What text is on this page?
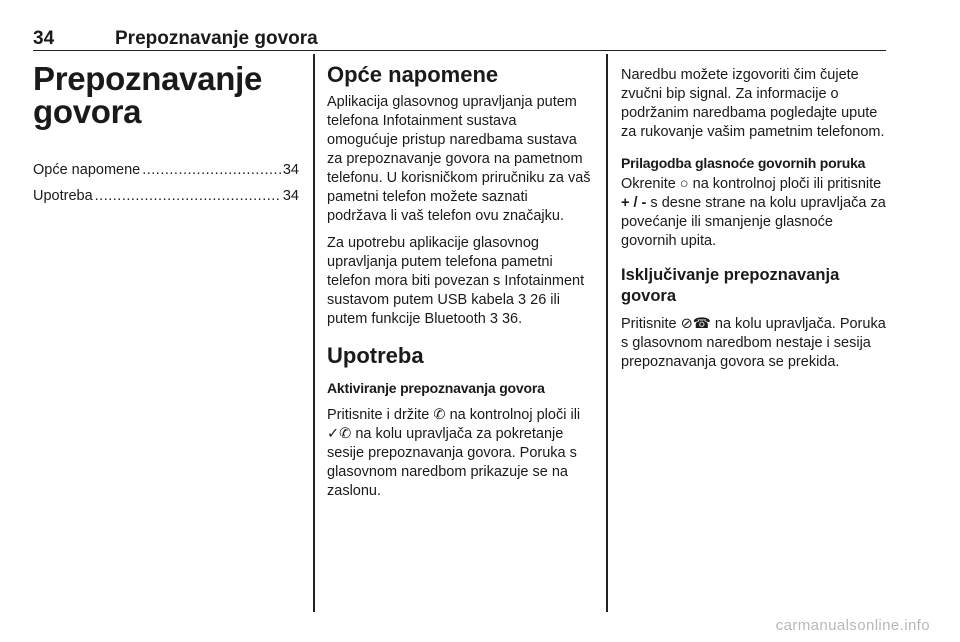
34	Prepoznavanje govora
Prepoznavanje
govora
Opće napomene .....	34
Upotreba .....	34
Opće napomene

Aplikacija glasovnog upravljanja putem telefona Infotainment sustava omogućuje pristup naredbama sustava za prepoznavanje govora na pametnom telefonu. U korisničkom priručniku za vaš pametni telefon možete saznati podržava li vaš telefon ovu značajku.

Za upotrebu aplikacije glasovnog upravljanja putem telefona pametni telefon mora biti povezan s Infotainment sustavom putem USB kabela 3 26 ili putem funkcije Bluetooth 3 36.

Upotreba
Aktiviranje prepoznavanja govora

Pritisnite i držite ✆ na kontrolnoj ploči ili ✓✆ na kolu upravljača za pokretanje sesije prepoznavanja govora. Poruka s glasovnom naredbom prikazuje se na zaslonu.

Naredbu možete izgovoriti čim čujete zvučni bip signal. Za informacije o podržanim naredbama pogledajte upute za rukovanje vašim pametnim telefonom.

Prilagodba glasnoće govornih poruka

Okrenite ○ na kontrolnoj ploči ili pritisnite + / - s desne strane na kolu upravljača za povećanje ili smanjenje glasnoće govornih upita.

Isključivanje prepoznavanja govora

Pritisnite ⊘☎ na kolu upravljača. Poruka s glasovnom naredbom nestaje i sesija prepoznavanja govora se prekida.

carmanualsonline.info
